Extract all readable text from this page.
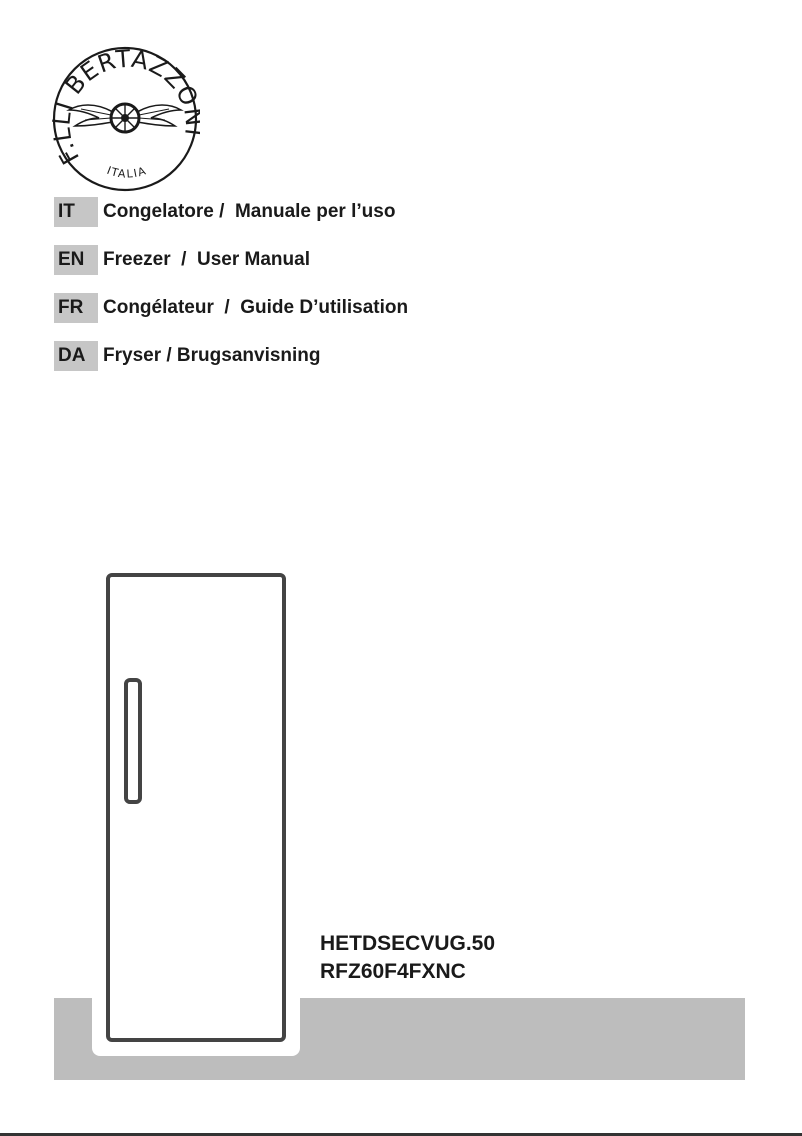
F.LLI BERTAZZ
ITALIA
IT	Congelatore /  Manuale per l’uso
EN Freezer  /  User Manual
FR	Congélateur  /  Guide D’utilisation
DA Fryser / Brugsanvisning
HETDSECVUG.50
RFZ60F4FXNC
